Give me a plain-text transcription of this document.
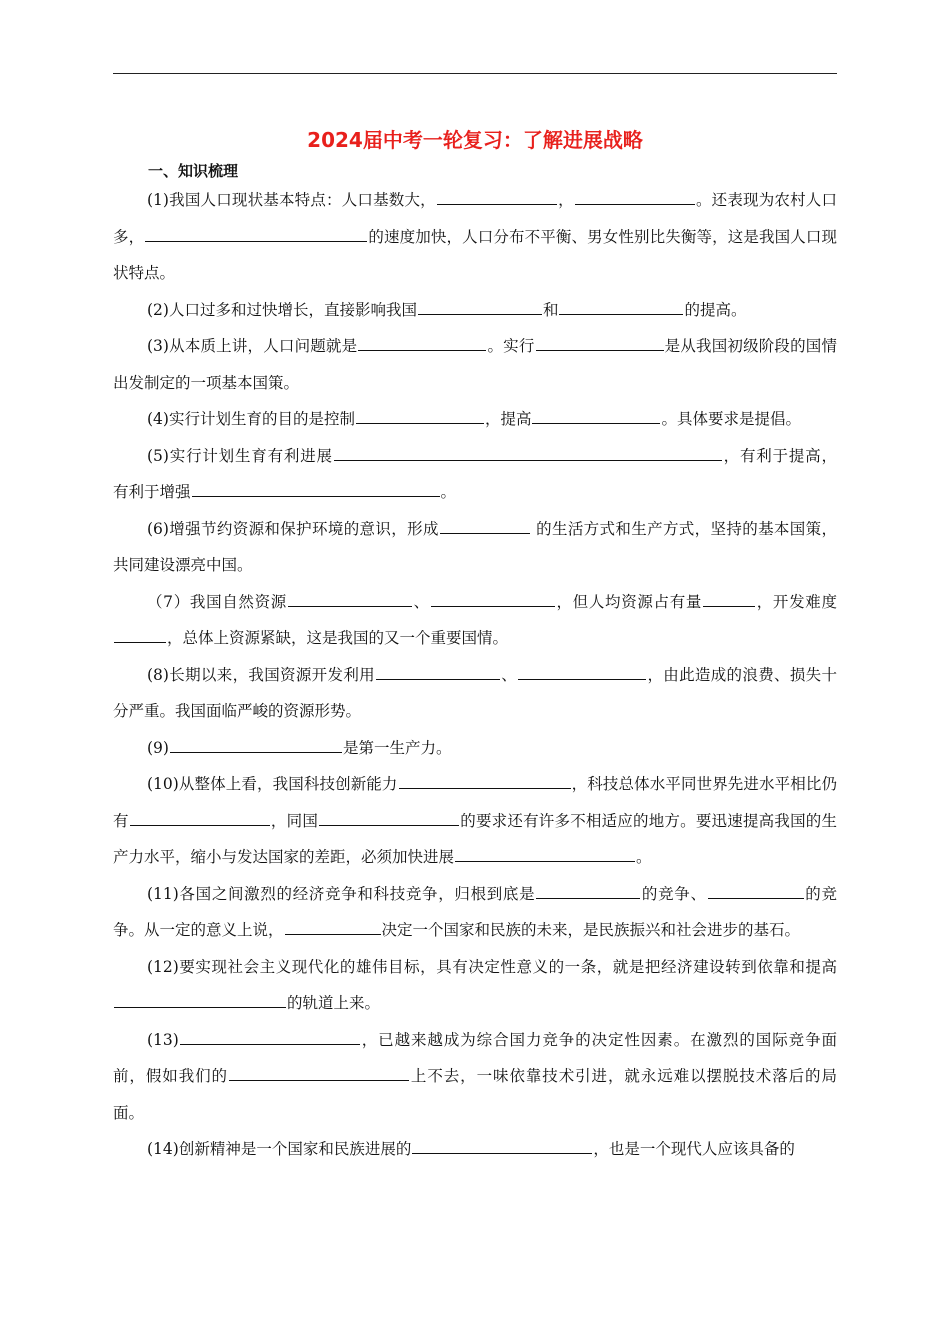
2024届中考一轮复习：了解进展战略
一、知识梳理

(1)我国人口现状基本特点：人口基数大，	，	。还表现为农村人口多，	的速度加快，人口分布不平衡、男女性别比失衡等，这是我国人口现状特点。

(2)人口过多和过快增长，直接影响我国	和	的提高。

(3)从本质上讲，人口问题就是	。实行	是从我国初级阶段的国情出发制定的一项基本国策。

(4)实行计划生育的目的是控制	，提高	。具体要求是提倡。

(5)实行计划生育有利进展	，有利于提高，有利于增强	。

(6)增强节约资源和保护环境的意识，形成	的生活方式和生产方式，坚持的基本国策，共同建设漂亮中国。

（7）我国自然资源	、	，但人均资源占有量	，开发难度，总体上资源紧缺，这是我国的又一个重要国情。

(8)长期以来，我国资源开发利用	、	，由此造成的浪费、损失十分严重。我国面临严峻的资源形势。

(9)	是第一生产力。

(10)从整体上看，我国科技创新能力	，科技总体水平同世界先进水平相比仍有	，同国	的要求还有许多不相适应的地方。要迅速提高我国的生产力水平，缩小与发达国家的差距，必须加快进展	。

(11)各国之间激烈的经济竞争和科技竞争，归根到底是	的竞争、	的竞争。从一定的意义上说，	决定一个国家和民族的未来，是民族振兴和社会进步的基石。

(12)要实现社会主义现代化的雄伟目标，具有决定性意义的一条，就是把经济建设转到依靠和提高的轨道上来。

(13)	，已越来越成为综合国力竞争的决定性因素。在激烈的国际竞争面前，假如我们的	上不去，一味依靠技术引进，就永远难以摆脱技术落后的局面。

(14)创新精神是一个国家和民族进展的	，也是一个现代人应该具备的
